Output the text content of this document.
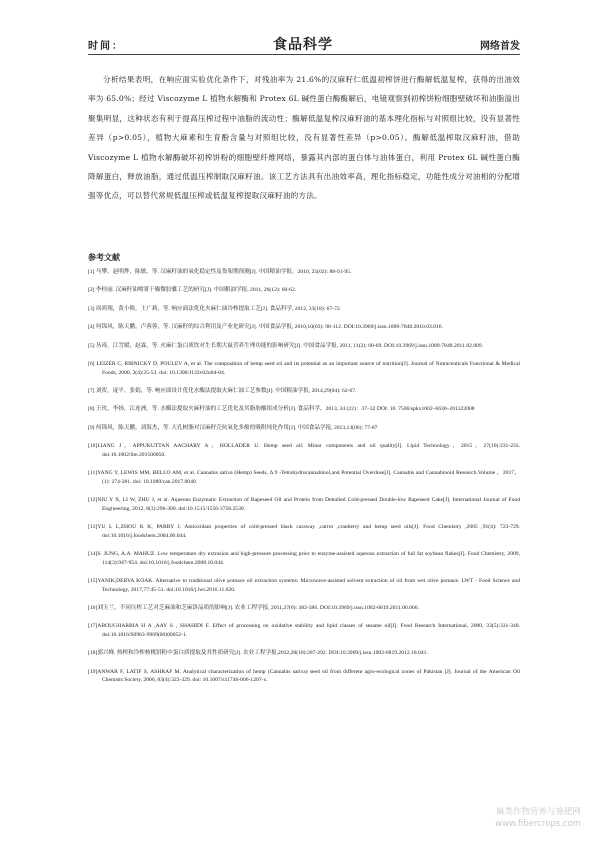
时间：	食品科学	网络首发

分析结果表明，在响应面实验优化条件下，对残油率为 21.6%的汉麻籽仁低温初榨饼进行酶解低温复榨，获得的出油效率为 65.0%；经过 Viscozyme L 植物水解酶和 Protex 6L 碱性蛋白酶酶解后，电镜观察到初榨饼粉细胞壁破坏和油脂溢出聚集明显，这种状态有利于提高压榨过程中油脂的流动性；酶解低温复榨汉麻籽油的基本理化指标与对照组比较，没有显著性差异（p>0.05），植物大麻素和生育酚含量与对照组比较，没有显著性差异（p>0.05）。酶解低温榨取汉麻籽油，借助Viscozyme L 植物水解酶破坏初榨饼粉的细胞壁纤维网络，暴露其内部的蛋白体与油体蛋白，利用 Protex 6L 碱性蛋白酶降解蛋白，释放油脂，通过低温压榨制取汉麻籽油。该工艺方法具有出油效率高，理化指标稳定，功能性成分对油相的分配增强等优点，可以替代常规低温压榨或低温复榨提取汉麻籽油的方法。

参考文献
[1] 马攀，赵明烨，陈敏，等. 汉麻籽油的氧化稳定性及货架期预测[J]. 中国粮油学报，2010, 25(02): 88-91-95.
[2] 李桂丽. 汉麻籽油喷雾干燥微胶囊工艺的研究[J]. 中国粮油学报, 2011, 26(12): 60-62.
[3] 周鸿翔，黄小焕，王广莉，等. 响应面法优化火麻仁油冷榨提取工艺[J]. 食品科学, 2012, 33(18): 67-72.
[4] 何锦风，陈天鹏，卢蓉蓉，等. 汉麻籽的综合利用及产业化研究[J]. 中国食品学报, 2010,10(03): 98-112. DOI:10.3969/j.issn.1009-7848.2010.03.016.
[5] 丛琦，江雪媛，赵霖，等. 火麻仁蛋白质饮对生长期大鼠营养生理功能的影响研究[J]. 中国食品学报, 2011, 11(2): 60-69. DOI:10.3969/j.issn.1009-7848.2011.02.009.
[6] LEIZER C, RIBNICKY D, POULEV A, et al. The composition of hemp seed oil and its potential as an important source of nutrition[J]. Journal of Nutraceuticals Functional & Medical Foods, 2000, 2(4):35-53. doi: 10.1300/J133v02n04-04.
[7] 刘贺，庞平，张娟，等. 响应面设计优化水酶法提取火麻仁油工艺参数[J]. 中国粮油学报, 2014,29(04): 62-67.
[8] 王玫，李扬，江连洲，等. 水酶法提取火麻籽油的工艺优化及其脂肪酸组成分析[J]. 食品科学，2013, 34 (22)：37–32 DOI: 10. 7506/spkx1002–6630–201322008
[9] 何锦风，陈天鹏，刘海杰，等. 大孔树脂对汉麻籽壳抗氧化多酚的吸附纯化作用[J]. 中国食品学报, 2013,13(06): 77-87
[10]LIANG J，APPUKUTTAN AACHARY A，HOLLADER U. Hemp seed oil: Minor components and oil quality[J]. Lipid Technology，2015，27(10):231-233. doi:10.1002/lite.201500050.
[11]YANG Y, LEWIS MM, BELLO AM, et al. Cannabis sativa (Hemp) Seeds, Δ 9 -Tetrahydrocannabinol,and Potential Overdose[J]. Cannabis and Cannabinoid Research.Volume ，2017，(1): 274-281. doi: 10.1089/can.2017.0040.
[12]NIU Y X, LI W, ZHU J, et al. Aqueous Enzymatic Extraction of Rapeseed Oil and Protein from Dehulled Cold-pressed Double-low Rapeseed Cake[J]. International Journal of Food Engineering, 2012, 8(3):296-300. doi:10.1515/1556-3758.2530.
[13]YU L L,ZHOU K K, PARRY J. Antioxidant properties of cold-pressed black caraway ,carrot ,cranberry and hemp seed oils[J]. Food Chemistry ,2005 ,91(4): 723-729. doi:10.1016/j.foodchem.2004.06.044.
[14]S. JUNG, A.A. MAHUZ. Low temperature dry extrusion and high-pressure processing prior to enzyme-assisted aqueous extraction of full fat soybean flakes[J]. Food Chemistry, 2009, 114(3):947-954. doi:10.1016/j.foodchem.2008.10.044.
[15]YANIK,DERYA KOAK. Alternative to traditional olive pomace oil extraction systems: Microwave-assisted solvent extraction of oil from wet olive pomace. LWT - Food Science and Technology, 2017,77:45-51. doi:10.1016/j.lwt.2016.11.020.
[16]刘玉兰，不同压榨工艺对芝麻油和芝麻饼品质的影响[J]. 农业工程学报, 2011,27(6): 382-386. DOI:10.3969/j.issn.1002-6819.2011.06.066.
[17]ABOUGHARBIA H A ,AAY S , SHAHIDI F. Effect of processing on oxidative stability and lipid classes of sesame oil[J]. Food Research International, 2000, 33(5):331-340. doi:10.1016/S0963-9969(00)00052-1.
[18]郭兴峰. 热榨和冷榨核桃饼粉中蛋白质提取及其性质研究[J]. 农业工程学报,2012,28(18):287-292. DOI:10.3969/j.issn.1002-6819.2012.18.041.
[19]ANWAR F, LATIF S, ASHRAF M. Analytical characterization of hemp (Cannabis sativa) seed oil from different agro-ecological zones of Pakistan [J]. Journal of the American Oil Chemists Society, 2006, 83(4):323-329. doi: 10.1007/s11746-006-1207-x.
麻类作物营养与施肥网
www.fibercrops.com
